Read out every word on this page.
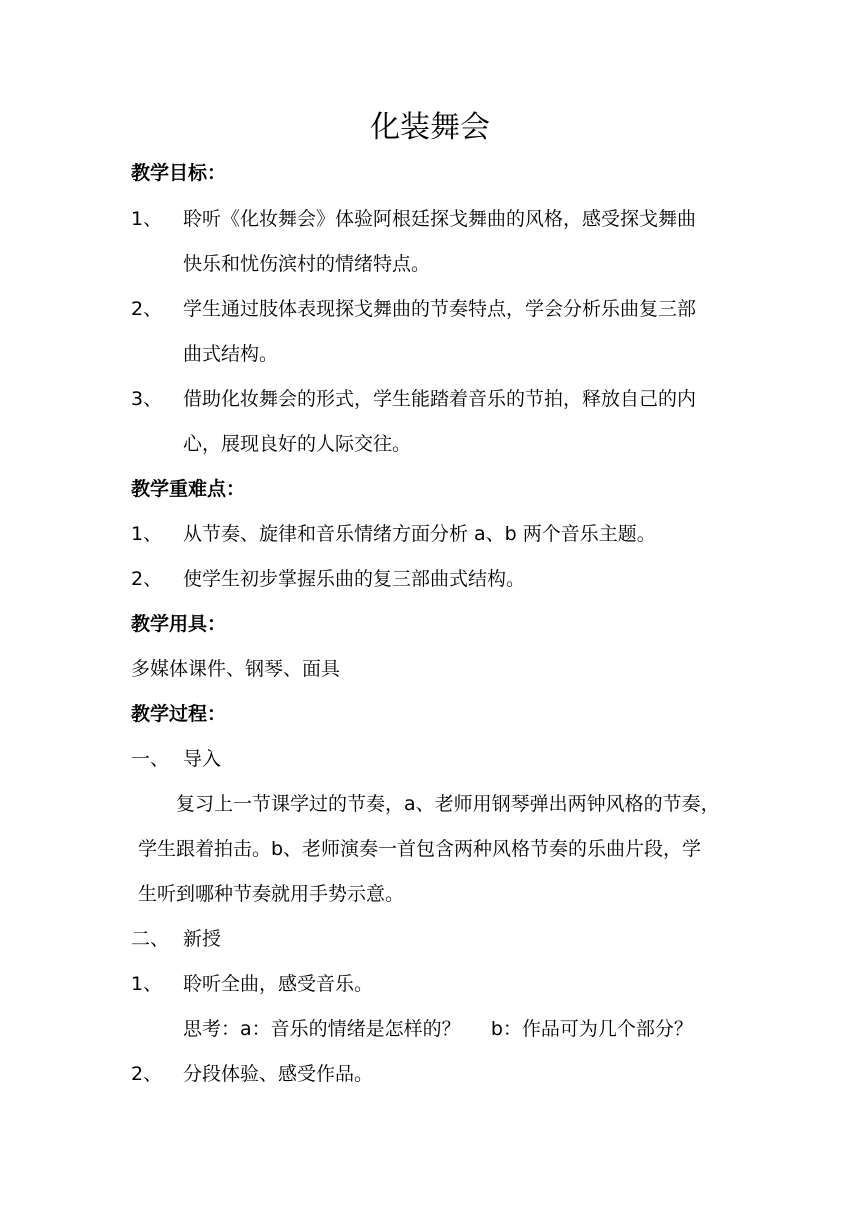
化装舞会
教学目标：
1、 聆听《化妆舞会》体验阿根廷探戈舞曲的风格，感受探戈舞曲
快乐和忧伤滨村的情绪特点。
2、 学生通过肢体表现探戈舞曲的节奏特点，学会分析乐曲复三部
曲式结构。
3、 借助化妆舞会的形式，学生能踏着音乐的节拍，释放自己的内
心，展现良好的人际交往。
教学重难点：
1、 从节奏、旋律和音乐情绪方面分析 a、b 两个音乐主题。
2、 使学生初步掌握乐曲的复三部曲式结构。
教学用具：
多媒体课件、钢琴、面具
教学过程：
一、 导入
复习上一节课学过的节奏，a、老师用钢琴弹出两钟风格的节奏，
学生跟着拍击。b、老师演奏一首包含两种风格节奏的乐曲片段，学
生听到哪种节奏就用手势示意。
二、 新授
1、 聆听全曲，感受音乐。
思考：a：音乐的情绪是怎样的？     b：作品可为几个部分？
2、 分段体验、感受作品。
